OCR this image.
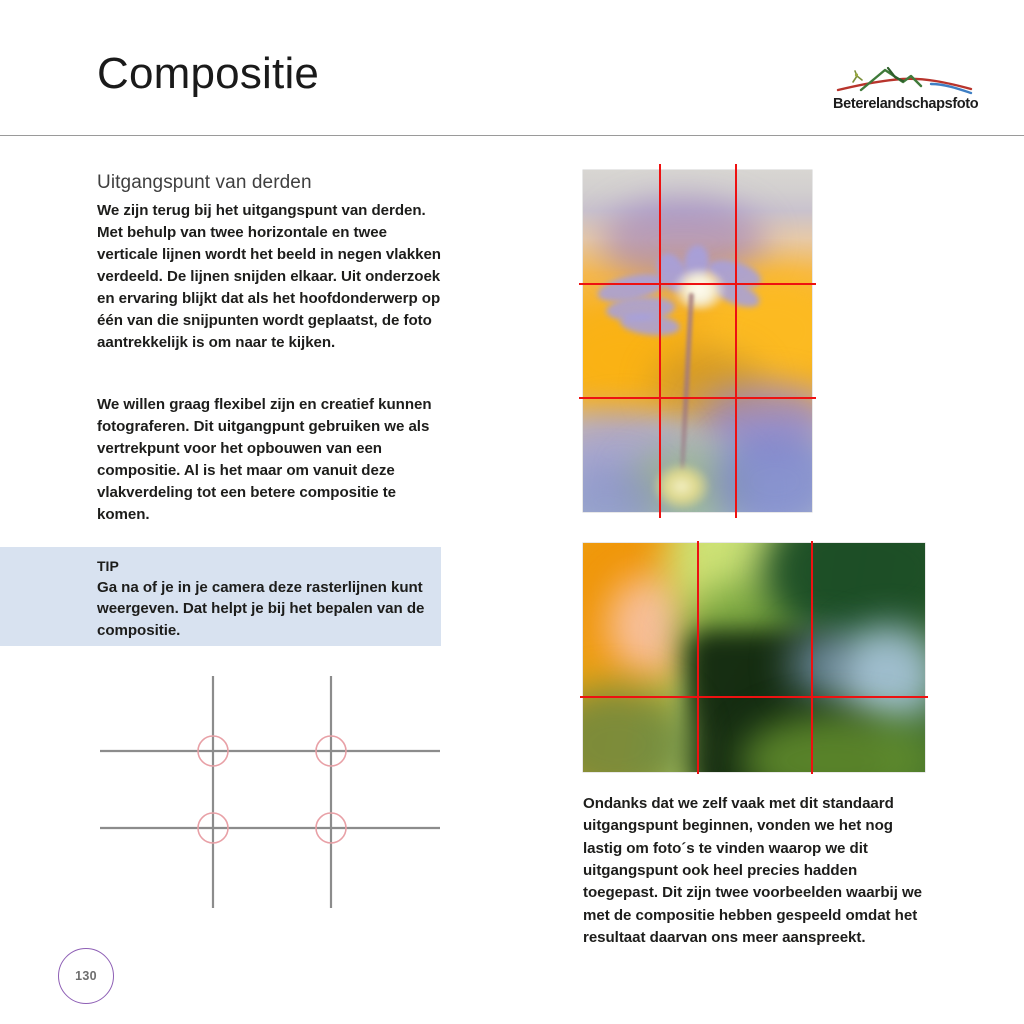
Compositie
Beterelandschapsfoto
Uitgangspunt van derden
We zijn terug bij het uitgangspunt van derden. Met behulp van twee horizontale en twee verticale lijnen wordt het beeld in negen vlakken verdeeld. De lijnen snijden elkaar. Uit onderzoek en ervaring blijkt dat als het hoofdonderwerp op één van die snijpunten wordt geplaatst, de foto aantrekkelijk is om naar te kijken.
We willen graag flexibel zijn en creatief kunnen fotograferen. Dit uitgangpunt gebruiken we als vertrekpunt voor het opbouwen van een compositie. Al is het maar om vanuit deze vlakverdeling tot een betere compositie te komen.
TIP
Ga na of je in je camera deze rasterlijnen kunt weergeven. Dat helpt je bij het bepalen van de compositie.
130
Ondanks dat we zelf vaak met dit standaard uitgangspunt beginnen, vonden we het nog lastig om foto´s te vinden waarop we dit uitgangspunt ook heel precies hadden toegepast. Dit zijn twee voorbeelden waarbij we met de compositie hebben gespeeld omdat het resultaat daarvan ons meer aanspreekt.
